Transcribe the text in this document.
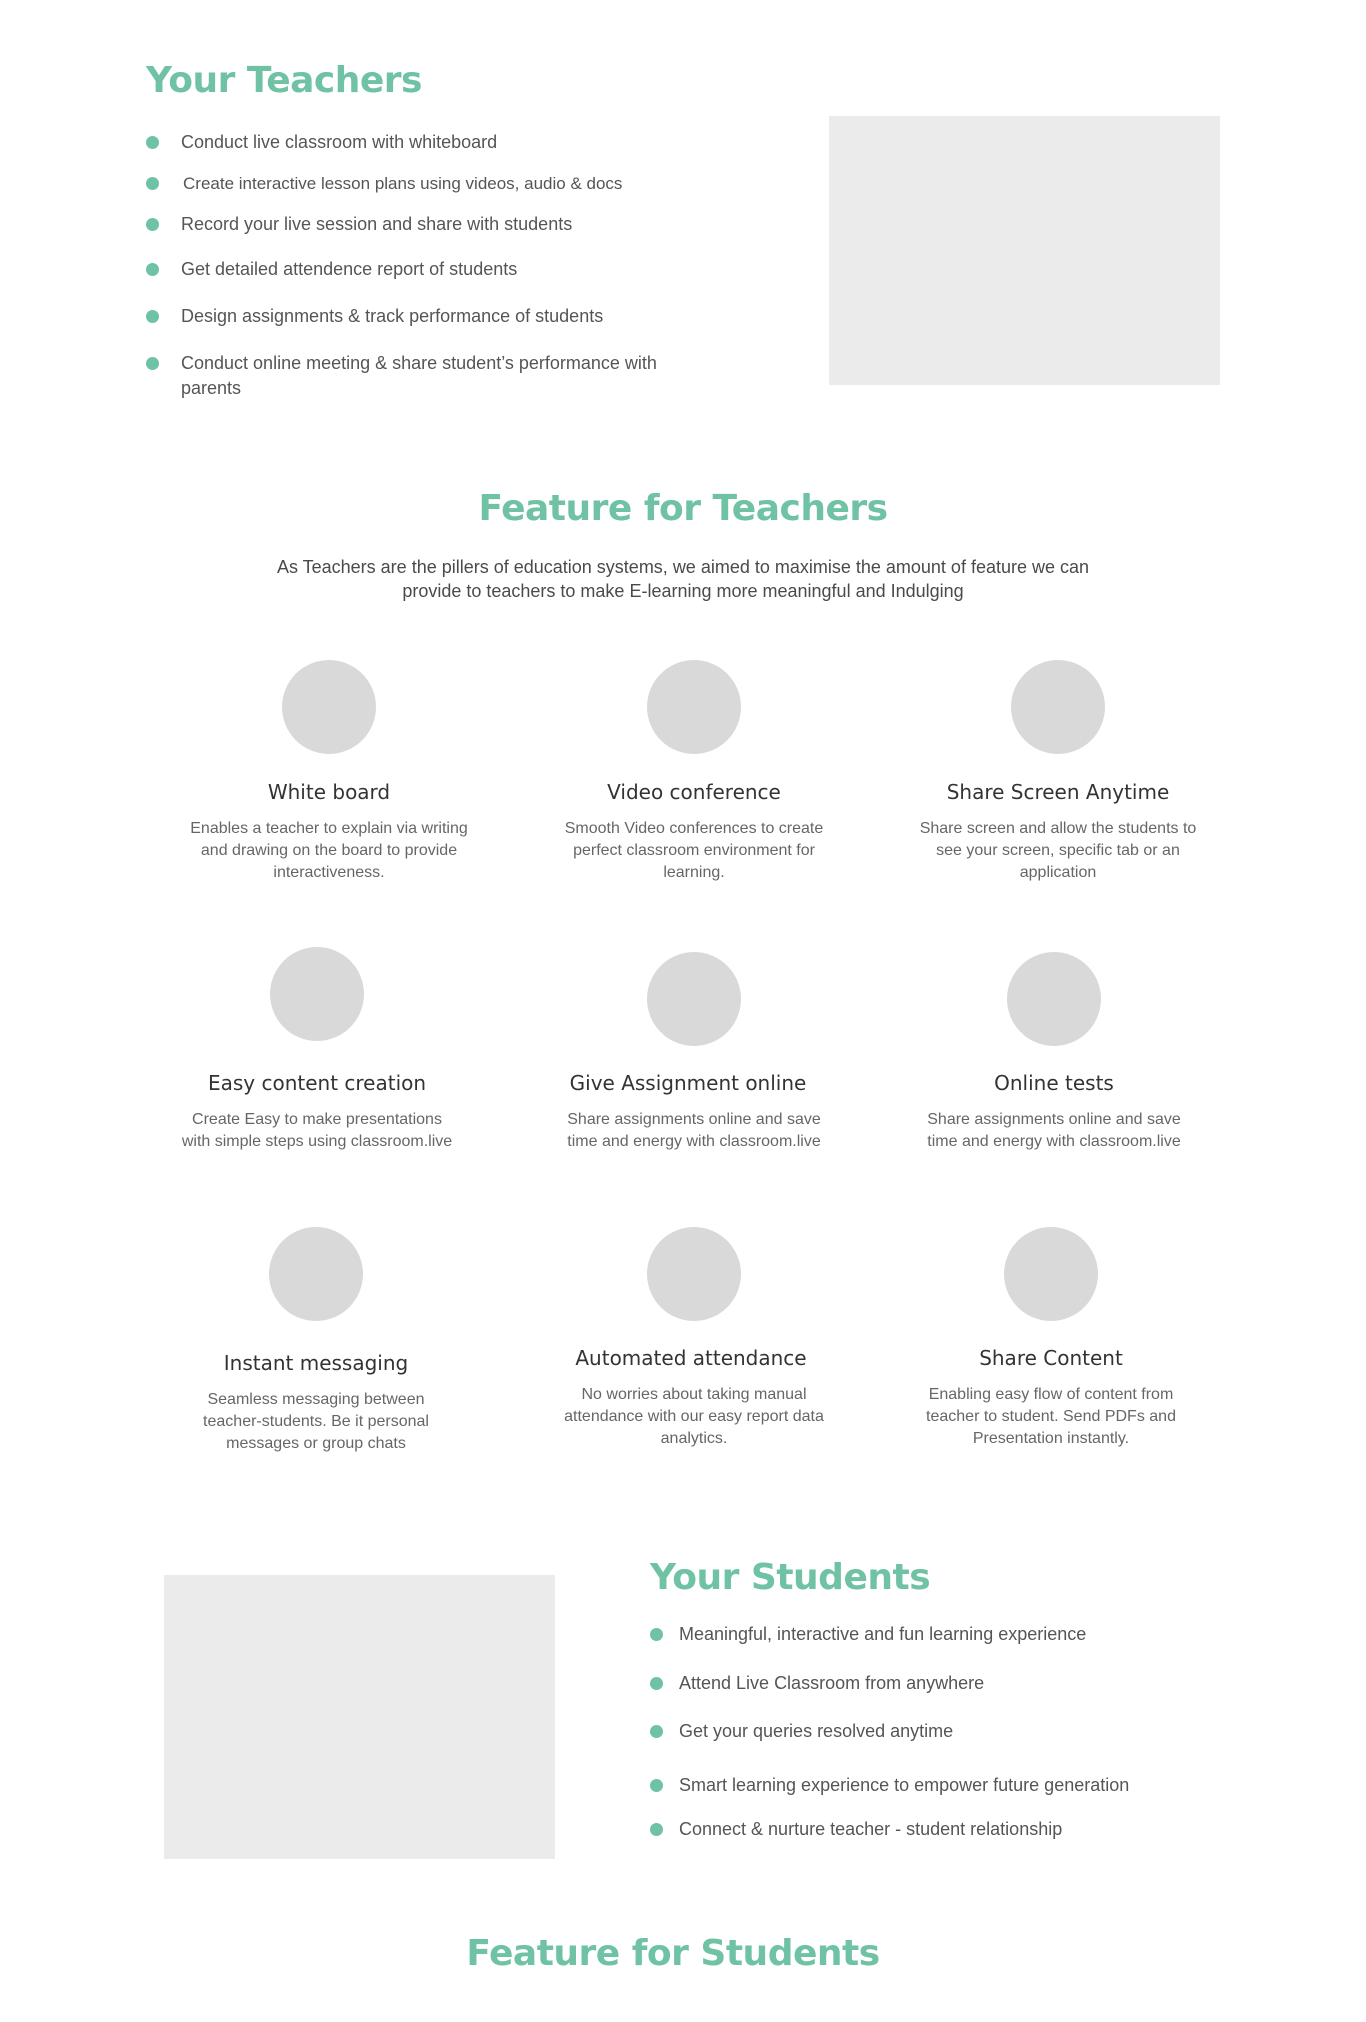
Your Teachers
Conduct live classroom with whiteboard
Create interactive lesson plans using videos, audio & docs
Record your live session and share with students
Get detailed attendence report of students
Design assignments & track performance of students
Conduct online meeting & share student’s performance with parents
Feature for Teachers

As Teachers are the pillers of education systems, we aimed to maximise the amount of feature we can provide to teachers to make E-learning more meaningful and Indulging

White board
Enables a teacher to explain via writing and drawing on the board to provide interactiveness.
Video conference
Smooth Video conferences to create perfect classroom environment for learning.
Share Screen Anytime
Share screen and allow the students to see your screen, specific tab or an application
Easy content creation
Create Easy to make presentations with simple steps using classroom.live
Give Assignment online
Share assignments online and save time and energy with classroom.live
Online tests
Share assignments online and save time and energy with classroom.live
Instant messaging
Seamless messaging between teacher-students. Be it personal messages or group chats
Automated attendance
No worries about taking manual attendance with our easy report data analytics.
Share Content
Enabling easy flow of content from teacher to student. Send PDFs and Presentation instantly.
Your Students
Meaningful, interactive and fun learning experience
Attend Live Classroom from anywhere
Get your queries resolved anytime
Smart learning experience to empower future generation
Connect & nurture teacher - student relationship
Feature for Students
